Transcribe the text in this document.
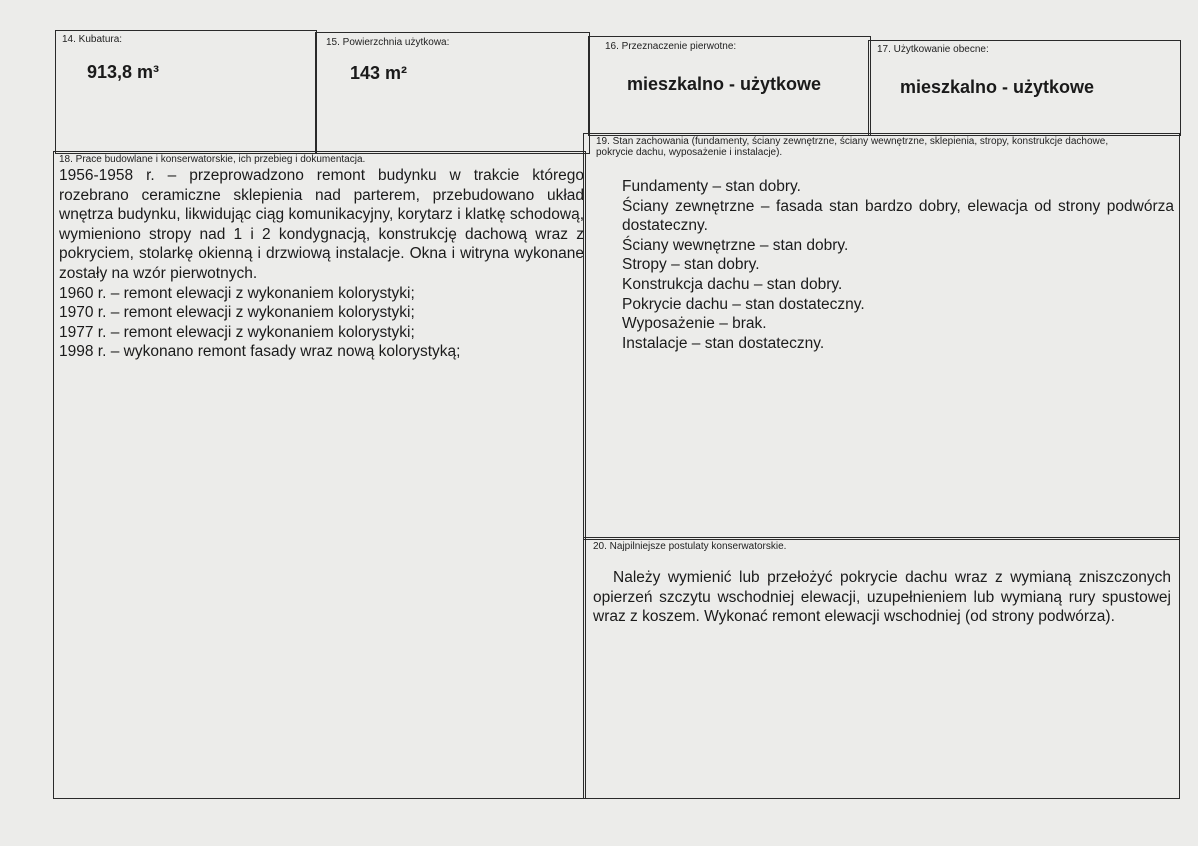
14. Kubatura:
913,8 m³
15. Powierzchnia użytkowa:
143 m²
16. Przeznaczenie pierwotne:
mieszkalno - użytkowe
17. Użytkowanie obecne:
mieszkalno - użytkowe
18. Prace budowlane i konserwatorskie, ich przebieg i dokumentacja.
1956-1958 r. – przeprowadzono remont budynku w trakcie którego rozebrano ceramiczne sklepienia nad parterem, przebudowano układ wnętrza budynku, likwidując ciąg komunikacyjny, korytarz i klatkę schodową, wymieniono stropy nad 1 i 2 kondygnacją, konstrukcję dachową wraz z pokryciem, stolarkę okienną i drzwiową instalacje. Okna i witryna wykonane zostały na wzór pierwotnych.
1960 r. – remont elewacji z wykonaniem kolorystyki;
1970 r. – remont elewacji z wykonaniem kolorystyki;
1977 r. – remont elewacji z wykonaniem kolorystyki;
1998 r. – wykonano remont fasady wraz nową kolorystyką;
19. Stan zachowania (fundamenty, ściany zewnętrzne, ściany wewnętrzne, sklepienia, stropy, konstrukcje dachowe, pokrycie dachu, wyposażenie i instalacje).
Fundamenty – stan dobry.
Ściany zewnętrzne – fasada stan bardzo dobry, elewacja od strony podwórza dostateczny.
Ściany wewnętrzne – stan dobry.
Stropy – stan dobry.
Konstrukcja dachu – stan dobry.
Pokrycie dachu – stan dostateczny.
Wyposażenie – brak.
Instalacje – stan dostateczny.
20. Najpilniejsze postulaty konserwatorskie.
Należy wymienić lub przełożyć pokrycie dachu wraz z wymianą zniszczonych opierzeń szczytu wschodniej elewacji, uzupełnieniem lub wymianą rury spustowej wraz z koszem. Wykonać remont elewacji wschodniej (od strony podwórza).
